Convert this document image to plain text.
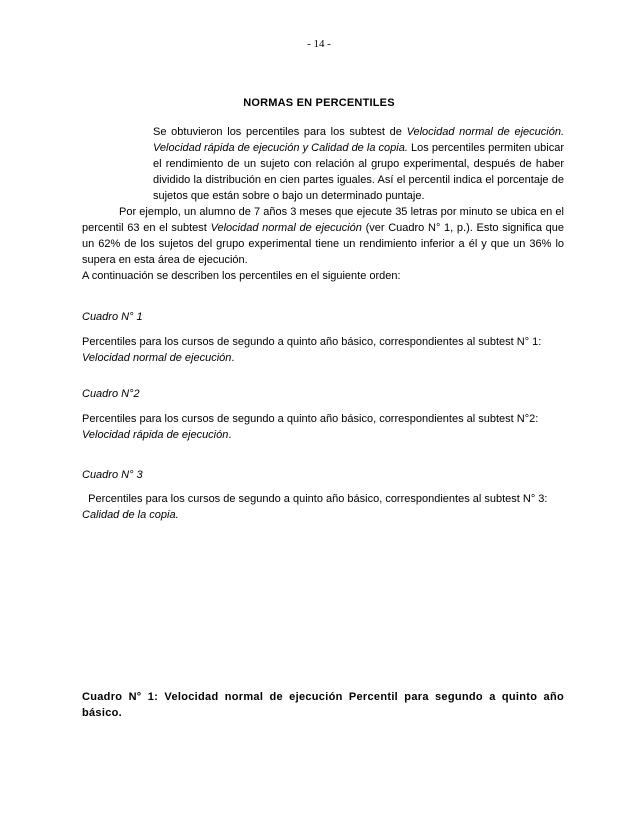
- 14 -
NORMAS EN PERCENTILES
Se obtuvieron los percentiles para los subtest de Velocidad normal de ejecución. Velocidad rápida de ejecución y Calidad de la copia. Los percentiles permiten ubicar el rendimiento de un sujeto con relación al grupo experimental, después de haber dividido la distribución en cien partes iguales. Así el percentil indica el porcentaje de sujetos que están sobre o bajo un determinado puntaje.
Por ejemplo, un alumno de 7 años 3 meses que ejecute 35 letras por minuto se ubica en el percentil 63 en el subtest Velocidad normal de ejecución (ver Cuadro N° 1, p.). Esto significa que un 62% de los sujetos del grupo experimental tiene un rendimiento inferior a él y que un 36% lo supera en esta área de ejecución.
A continuación se describen los percentiles en el siguiente orden:
Cuadro N° 1
Percentiles para los cursos de segundo a quinto año básico, correspondientes al subtest N° 1: Velocidad normal de ejecución.
Cuadro N°2
Percentiles para los cursos de segundo a quinto año básico, correspondientes al subtest N°2: Velocidad rápida de ejecución.
Cuadro N° 3
Percentiles para los cursos de segundo a quinto año básico, correspondientes al subtest N° 3: Calidad de la copia.
Cuadro N° 1: Velocidad normal de ejecución Percentil para segundo a quinto año básico.
